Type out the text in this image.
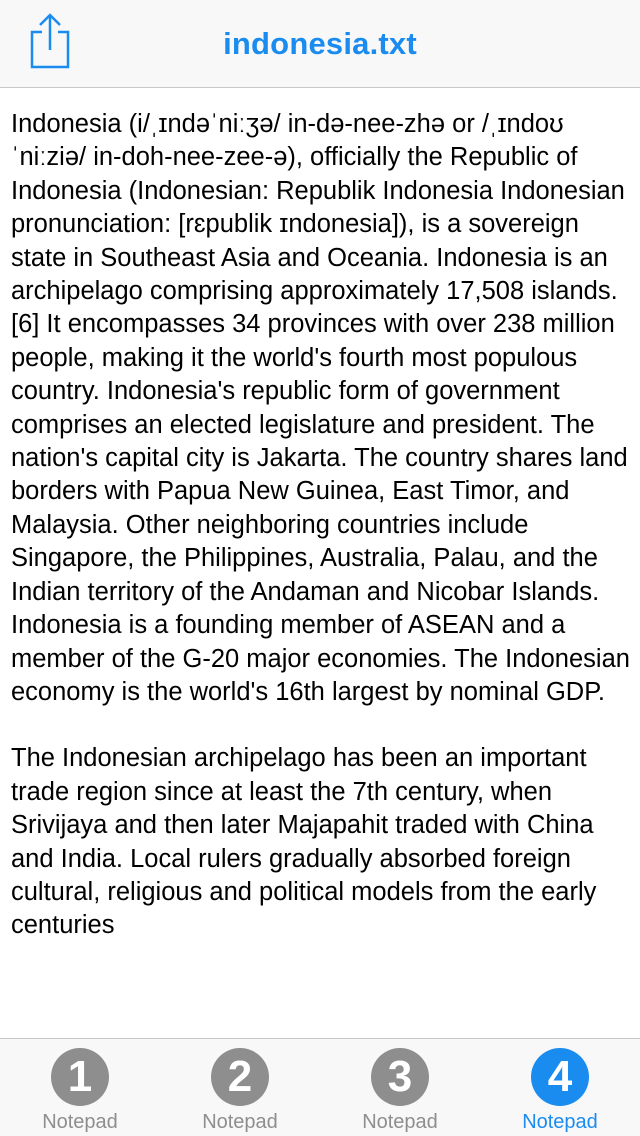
indonesia.txt

Indonesia (i/ˌɪndəˈniːʒə/ in-də-nee-zhə or /ˌɪndoʊˈniːziə/ in-doh-nee-zee-ə), officially the Republic of Indonesia (Indonesian: Republik Indonesia Indonesian pronunciation: [rɛpublik ɪndonesia]), is a sovereign state in Southeast Asia and Oceania. Indonesia is an archipelago comprising approximately 17,508 islands.[6] It encompasses 34 provinces with over 238 million people, making it the world's fourth most populous country. Indonesia's republic form of government comprises an elected legislature and president. The nation's capital city is Jakarta. The country shares land borders with Papua New Guinea, East Timor, and Malaysia. Other neighboring countries include Singapore, the Philippines, Australia, Palau, and the Indian territory of the Andaman and Nicobar Islands. Indonesia is a founding member of ASEAN and a member of the G-20 major economies. The Indonesian economy is the world's 16th largest by nominal GDP.

The Indonesian archipelago has been an important trade region since at least the 7th century, when Srivijaya and then later Majapahit traded with China and India. Local rulers gradually absorbed foreign cultural, religious and political models from the early centuries

1
Notepad
2
Notepad
3
Notepad
4
Notepad
